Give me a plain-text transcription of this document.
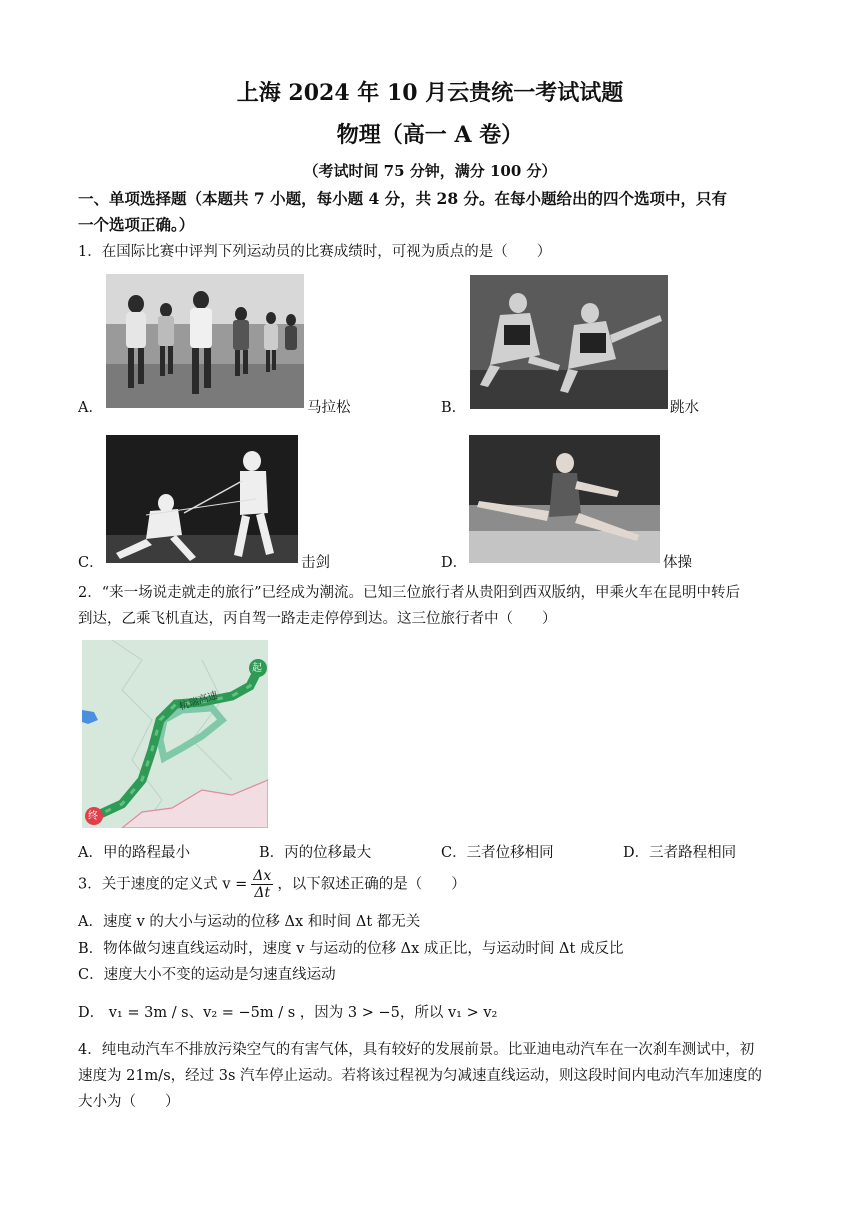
上海 2024 年 10 月云贵统一考试试题
物理（高一 A 卷）
（考试时间 75 分钟，满分 100 分）
一、单项选择题（本题共 7 小题，每小题 4 分，共 28 分。在每小题给出的四个选项中，只有
一个选项正确。）
1．在国际比赛中评判下列运动员的比赛成绩时，可视为质点的是（　　）
A．	马拉松	B．	跳水
C．	击剑	D．	体操
2．“来一场说走就走的旅行”已经成为潮流。已知三位旅行者从贵阳到西双版纳，甲乘火车在昆明中转后
到达，乙乘飞机直达，丙自驾一路走走停停到达。这三位旅行者中（　　）
起
终
杭瑞高速
A．甲的路程最小	B．丙的位移最大	C．三者位移相同	D．三者路程相同
3．关于速度的定义式 $v = \frac{\Delta x}{\Delta t}$ ，以下叙述正确的是（　　）
A．速度 v 的大小与运动的位移 Δx 和时间 Δt 都无关
B．物体做匀速直线运动时，速度 v 与运动的位移 Δx 成正比，与运动时间 Δt 成反比
C．速度大小不变的运动是匀速直线运动
D． v₁ = 3m / s、v₂ = −5m / s ，因为 3 > −5，所以 v₁ > v₂
4．纯电动汽车不排放污染空气的有害气体，具有较好的发展前景。比亚迪电动汽车在一次刹车测试中，初
速度为 21m/s，经过 3s 汽车停止运动。若将该过程视为匀减速直线运动，则这段时间内电动汽车加速度的
大小为（　　）
